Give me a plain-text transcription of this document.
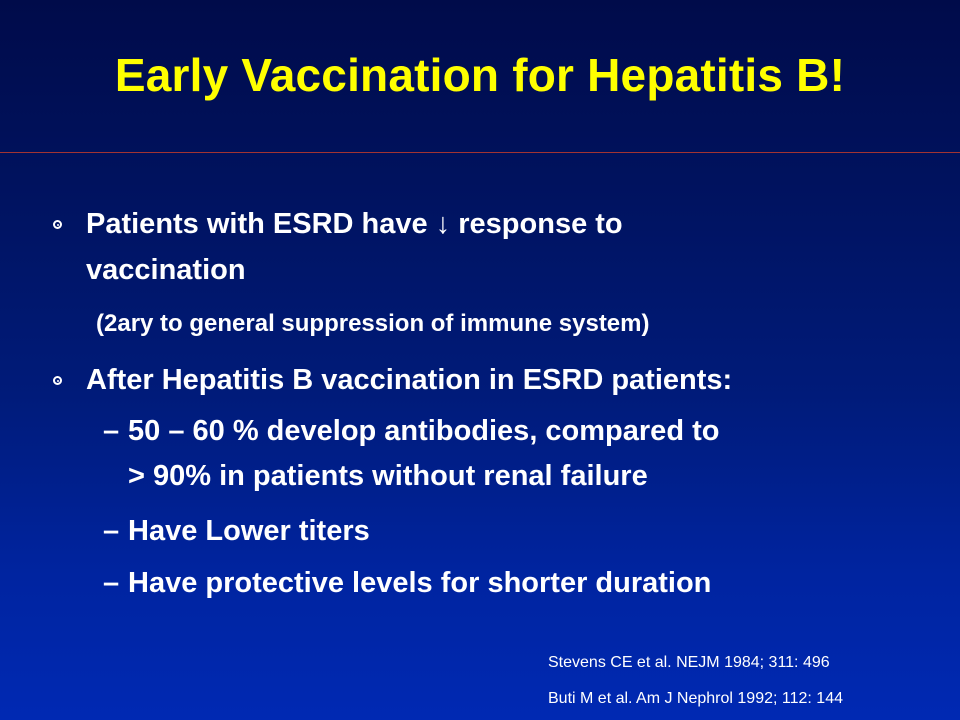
Early Vaccination for Hepatitis B!
Patients with ESRD have ↓ response to
vaccination
(2ary to general suppression of immune system)
After Hepatitis B vaccination in ESRD patients:
– 50 – 60 % develop antibodies, compared to
> 90% in patients without renal failure
– Have Lower titers
– Have protective levels for shorter duration
Stevens CE et al. NEJM 1984; 311: 496
Buti M et al. Am J Nephrol 1992; 112: 144
